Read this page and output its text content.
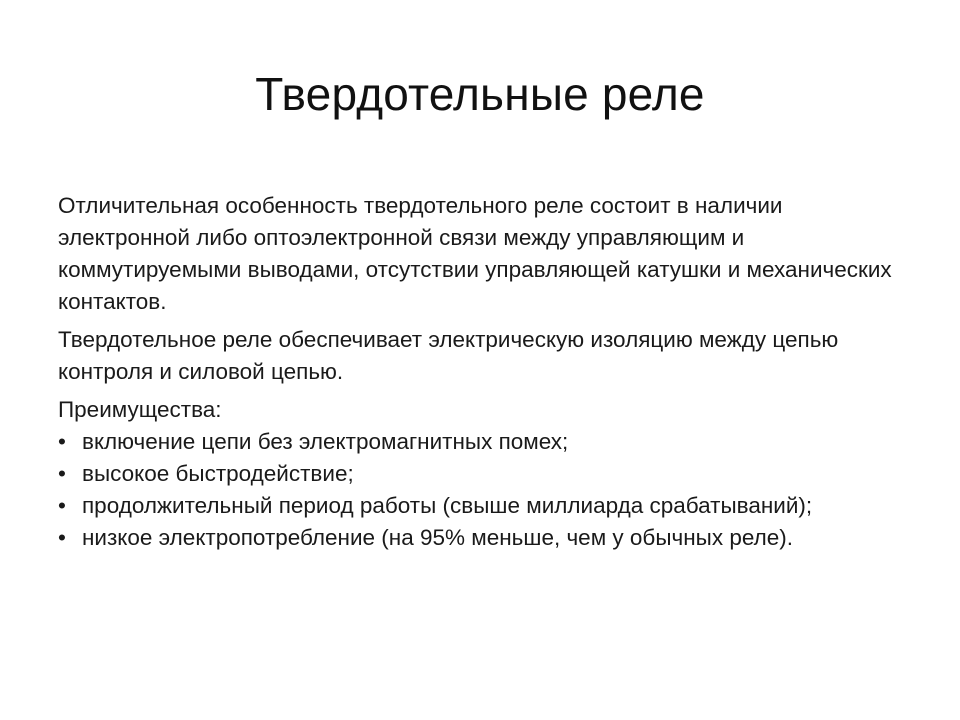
Твердотельные реле

Отличительная особенность твердотельного реле состоит в наличии электронной либо оптоэлектронной связи между управляющим и коммутируемыми выводами, отсутствии управляющей катушки и механических контактов.

Твердотельное реле обеспечивает электрическую изоляцию между цепью контроля и силовой цепью.

Преимущества:

• включение цепи без электромагнитных помех;
• высокое быстродействие;
• продолжительный период работы (свыше миллиарда срабатываний);
• низкое электропотребление (на 95% меньше, чем у обычных реле).
